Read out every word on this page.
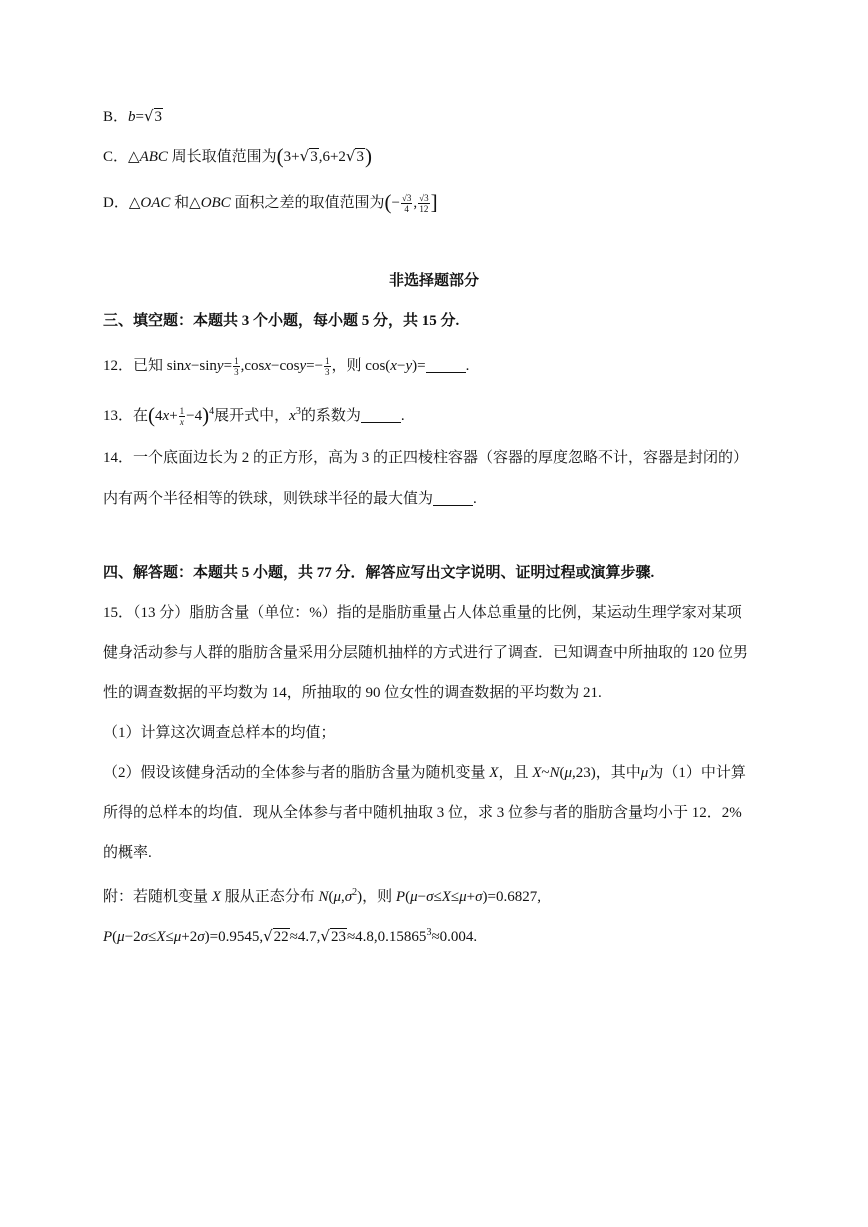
B．b=√3
C．△ABC 周长取值范围为(3+√3,6+2√3)
D．△OAC 和△OBC 面积之差的取值范围为(− $\frac{√3}{4}$ , $\frac{√3}{12}$ ]
非选择题部分
三、填空题：本题共 3 个小题，每小题 5 分，共 15 分.
12．已知 $\sin x-\sin y= \frac{1}{3} ,\cos x-\cos y=- \frac{1}{3}$ ，则 cos(x−y)=	.
13．在$(4x+ \frac{1}{x} -4)^4$展开式中，$x^3$的系数为	.
14．一个底面边长为 2 的正方形，高为 3 的正四棱柱容器（容器的厚度忽略不计，容器是封闭的）
内有两个半径相等的铁球，则铁球半径的最大值为	.
四、解答题：本题共 5 小题，共 77 分．解答应写出文字说明、证明过程或演算步骤.
15．（13 分）脂肪含量（单位：%）指的是脂肪重量占人体总重量的比例，某运动生理学家对某项
健身活动参与人群的脂肪含量采用分层随机抽样的方式进行了调查．已知调查中所抽取的 120 位男
性的调查数据的平均数为 14，所抽取的 90 位女性的调查数据的平均数为 21.
（1）计算这次调查总样本的均值；
（2）假设该健身活动的全体参与者的脂肪含量为随机变量 X，且 X~N(μ,23)，其中μ为（1）中计算
所得的总样本的均值．现从全体参与者中随机抽取 3 位，求 3 位参与者的脂肪含量均小于 12．2%
的概率.
附：若随机变量 X 服从正态分布 $N(\mu,\sigma^2)$，则 P(μ−σ≤X≤μ+σ)=0.6827,
$P(\mu-2\sigma\le X\le\mu+2\sigma)=0.9545,√22\approx 4.7,√23\approx 4.8,0.15865^3\approx 0.004$.
